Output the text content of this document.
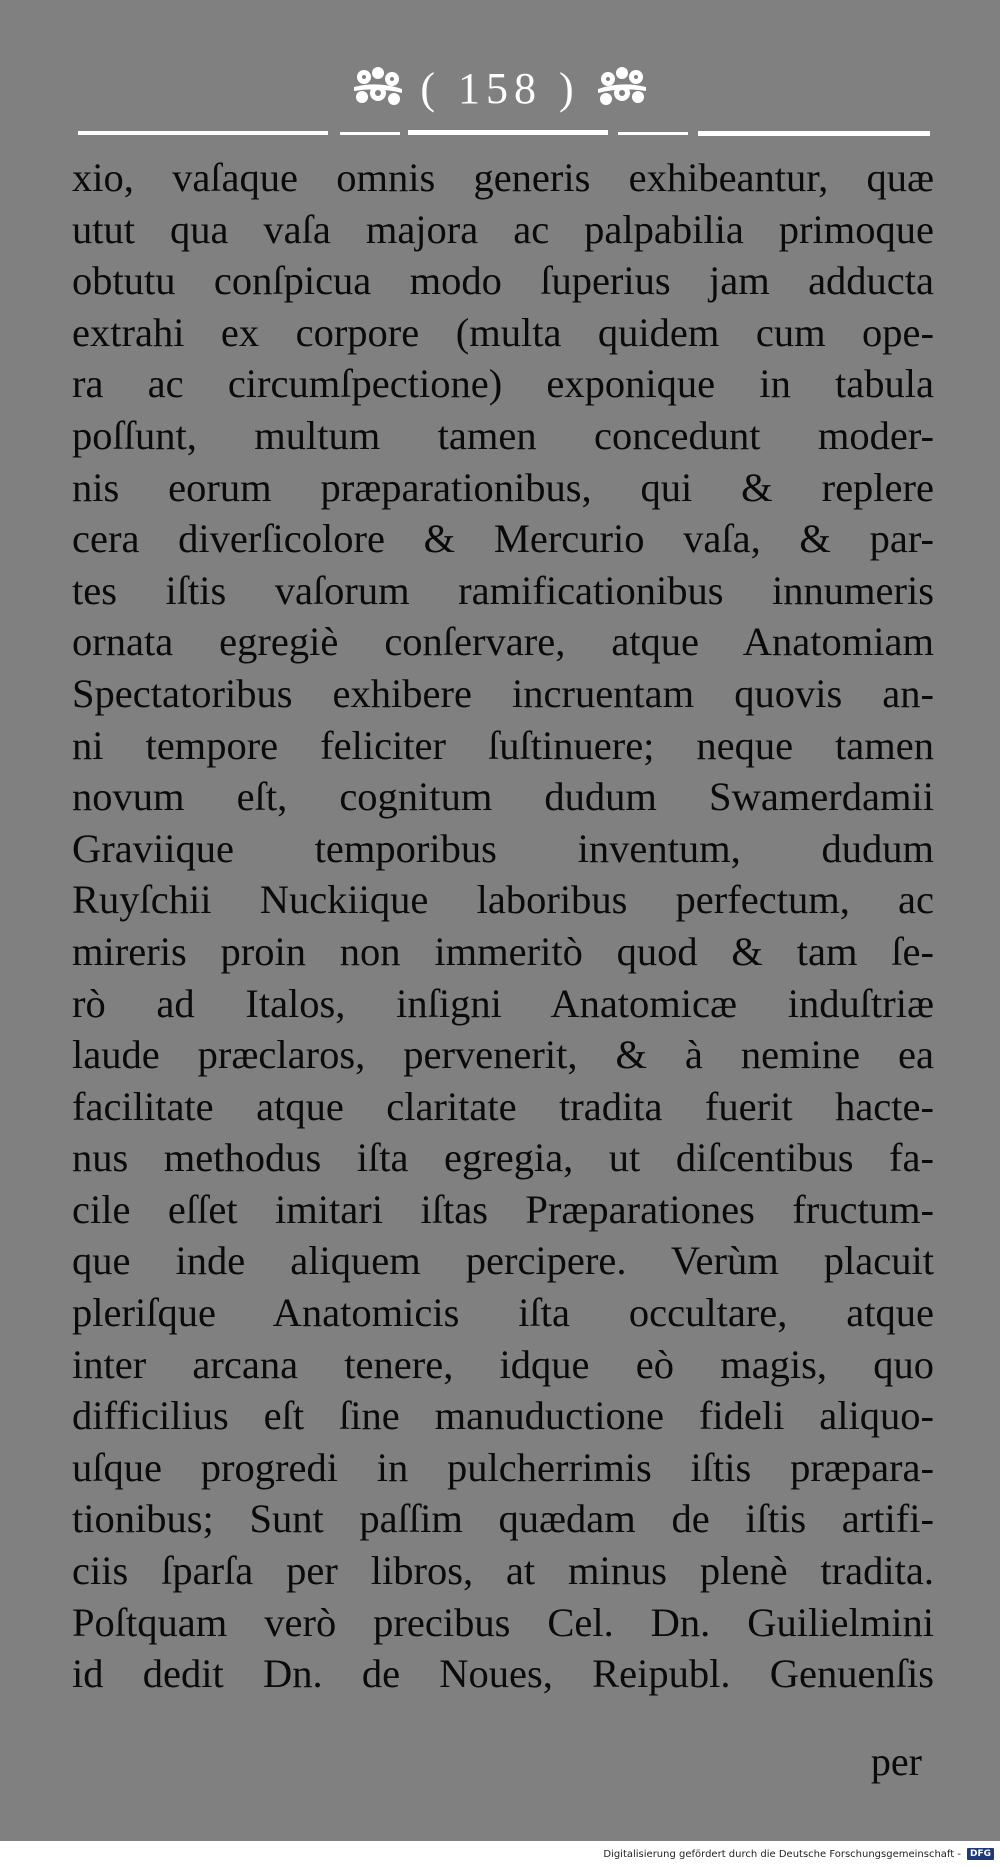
( 158 )
xio, vaſaque omnis generis exhibeantur, quæ
utut qua vaſa majora ac palpabilia primoque
obtutu conſpicua modo ſuperius jam adducta
extrahi ex corpore (multa quidem cum ope-
ra ac circumſpectione) exponique in tabula
poſſunt, multum tamen concedunt moder-
nis eorum præparationibus, qui & replere
cera diverſicolore & Mercurio vaſa, & par-
tes iſtis vaſorum ramificationibus innumeris
ornata egregiè conſervare, atque Anatomiam
Spectatoribus exhibere incruentam quovis an-
ni tempore feliciter ſuſtinuere; neque tamen
novum eſt, cognitum dudum Swamerdamii
Graviique temporibus inventum, dudum
Ruyſchii Nuckiique laboribus perfectum, ac
mireris proin non immeritò quod & tam ſe-
rò ad Italos, inſigni Anatomicæ induſtriæ
laude præclaros, pervenerit, & à nemine ea
facilitate atque claritate tradita fuerit hacte-
nus methodus iſta egregia, ut diſcentibus fa-
cile eſſet imitari iſtas Præparationes fructum-
que inde aliquem percipere. Verùm placuit
pleriſque Anatomicis iſta occultare, atque
inter arcana tenere, idque eò magis, quo
difficilius eſt ſine manuductione fideli aliquo-
uſque progredi in pulcherrimis iſtis præpara-
tionibus; Sunt paſſim quædam de iſtis artifi-
ciis ſparſa per libros, at minus plenè tradita.
Poſtquam verò precibus Cel. Dn. Guilielmini
id dedit Dn. de Noues, Reipubl. Genuenſis
per
Digitalisierung gefördert durch die Deutsche Forschungsgemeinschaft -	DFG
